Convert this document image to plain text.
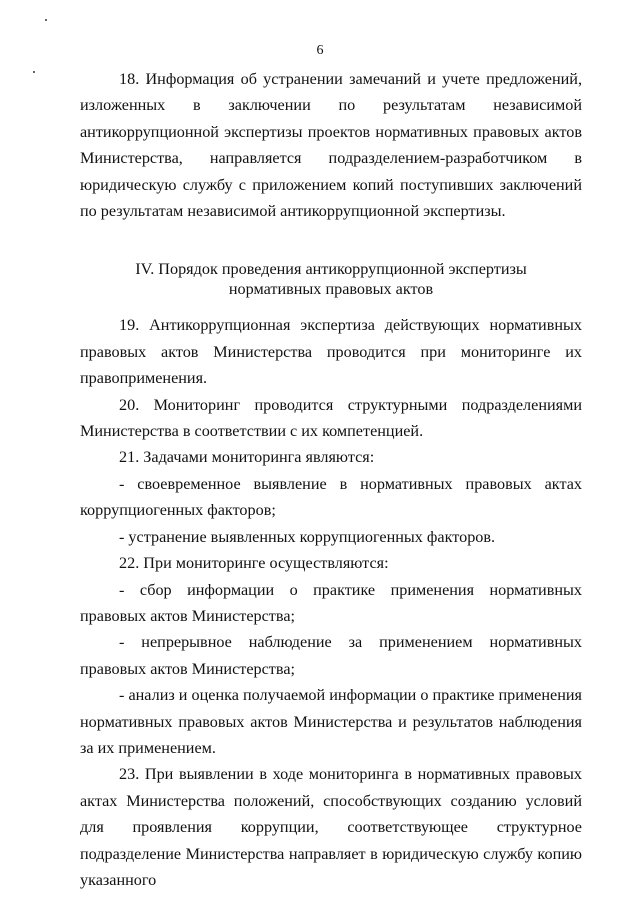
6

18. Информация об устранении замечаний и учете предложений, изложенных в заключении по результатам независимой антикоррупционной экспертизы проектов нормативных правовых актов Министерства, направляется подразделением-разработчиком в юридическую службу с приложением копий поступивших заключений по результатам независимой антикоррупционной экспертизы.

IV. Порядок проведения антикоррупционной экспертизы
нормативных правовых актов

19. Антикоррупционная экспертиза действующих нормативных правовых актов Министерства проводится при мониторинге их правоприменения.

20. Мониторинг проводится структурными подразделениями Министерства в соответствии с их компетенцией.

21. Задачами мониторинга являются:

- своевременное выявление в нормативных правовых актах коррупциогенных факторов;

- устранение выявленных коррупциогенных факторов.

22. При мониторинге осуществляются:

- сбор информации о практике применения нормативных правовых актов Министерства;

- непрерывное наблюдение за применением нормативных правовых актов Министерства;

- анализ и оценка получаемой информации о практике применения нормативных правовых актов Министерства и результатов наблюдения за их применением.

23. При выявлении в ходе мониторинга в нормативных правовых актах Министерства положений, способствующих созданию условий для проявления коррупции, соответствующее структурное подразделение Министерства направляет в юридическую службу копию указанного
